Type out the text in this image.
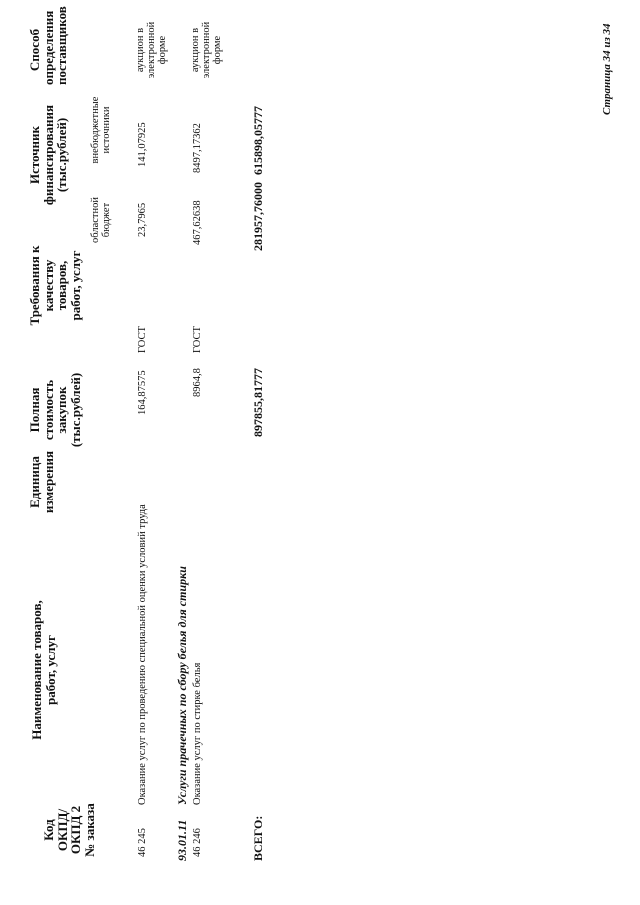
Код
ОКПД/
ОКПД 2
№ заказа
Наименование товаров,
работ, услуг
Единица
измерения
Полная
стоимость
закупок
(тыс.рублей)
Требования к
качеству товаров,
работ, услуг
Источник
финансирования
(тыс.рублей)
Способ
определения
поставщиков
областной бюджет
внебюджетные источники
46 245
Оказание услуг по проведению специальной оценки условий труда
164,87575
ГОСТ
23,7965
141,07925
аукцион в электронной форме
93.01.11
Услуги прачечных по сбору белья для стирки
46 246
Оказание услуг по стирке белья
8964,8
ГОСТ
467,62638
8497,17362
аукцион в электронной форме
ВСЕГО:
897855,81777
281957,76000
615898,05777
Страница 34 из 34
